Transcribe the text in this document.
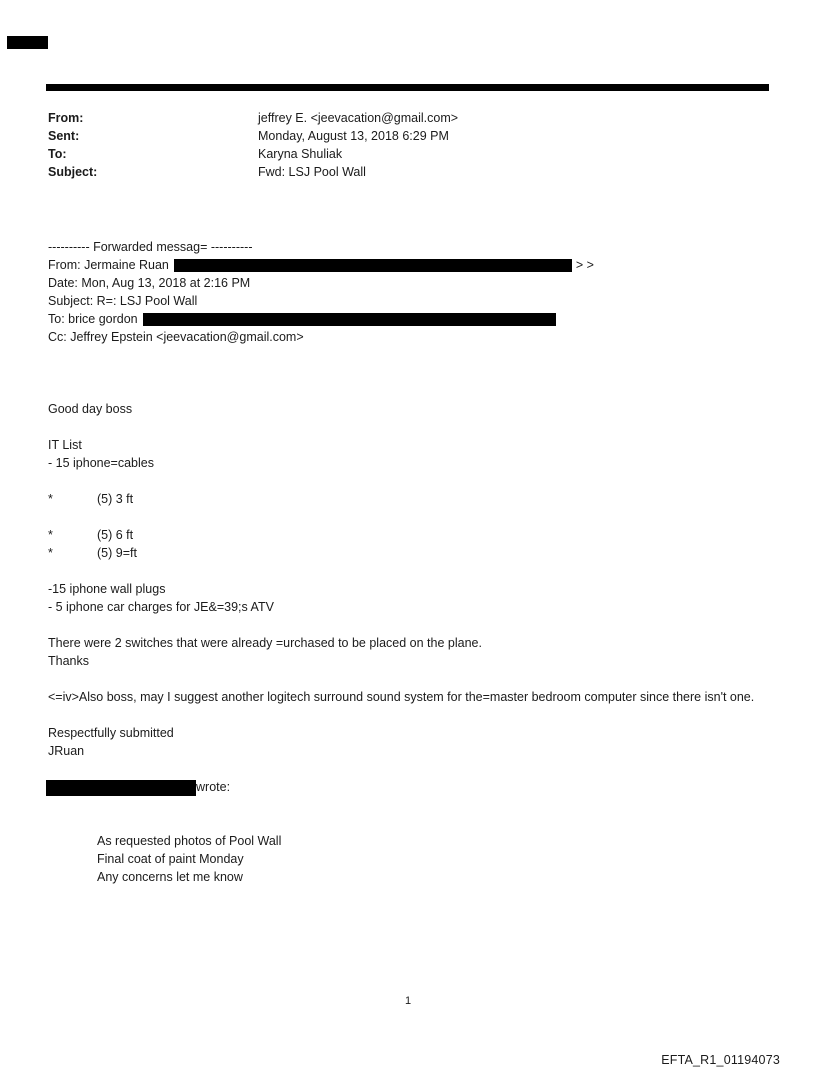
From:	jeffrey E. <jeevacation@gmail.com>
Sent:	Monday, August 13, 2018 6:29 PM
To:	Karyna Shuliak
Subject:	Fwd: LSJ Pool Wall
---------- Forwarded messag= ----------
From: Jermaine Ruan	> >
Date: Mon, Aug 13, 2018 at 2:16 PM
Subject: R=: LSJ Pool Wall
To: brice gordon
Cc: Jeffrey Epstein <jeevacation@gmail.com>
Good day boss
IT List
- 15 iphone=cables
*	(5) 3 ft
*	(5) 6 ft
*	(5) 9=ft
-15 iphone wall plugs
- 5 iphone car charges for JE&=39;s ATV
There were 2 switches that were already =urchased to be placed on the plane.
Thanks
<=iv>Also boss, may I suggest another logitech surround sound system for the=master bedroom computer since there isn't one.
Respectfully submitted
JRuan
wrote:
As requested photos of Pool Wall
Final coat of paint Monday
Any concerns let me know
1
EFTA_R1_01194073
